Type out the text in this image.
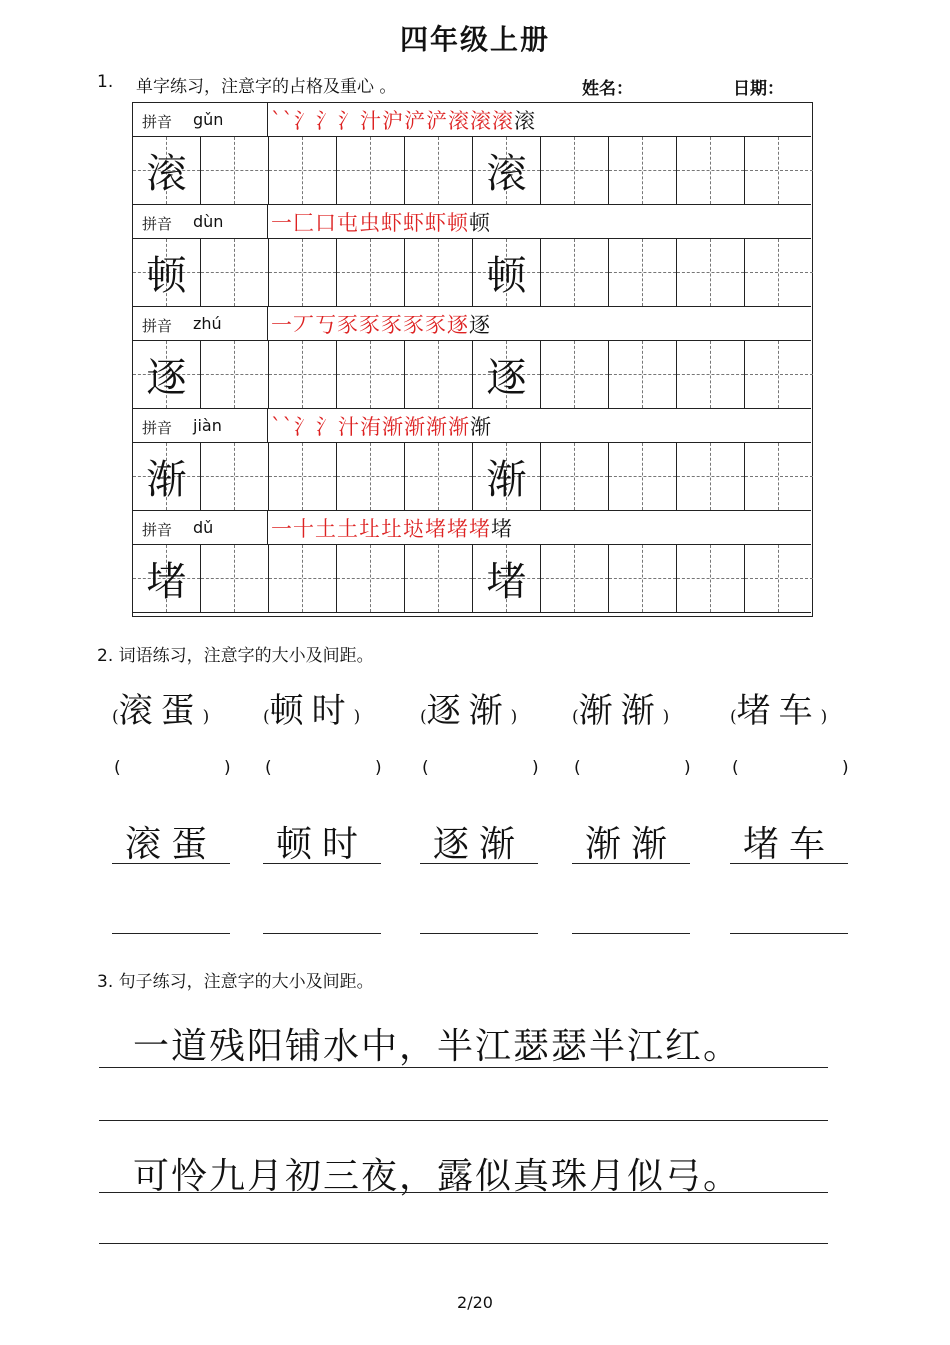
四年级上册
1. 单字练习，注意字的占格及重心 。	姓名：	日期：
拼音 gǔn ``氵氵氵汁沪浐浐滚滚滚滚
滚	滚
拼音 dùn 一匚口屯虫虾虾虾顿顿
顿	顿
拼音 zhú 一丆丂豕豕豕豕豕逐逐
逐	逐
拼音 jiàn ``氵氵汁洧渐渐渐渐渐
渐	渐
拼音 dǔ	一十土土圵圵垯堵堵堵堵
堵	堵
2. 词语练习，注意字的大小及间距。
(滚蛋)
(	)
滚蛋
(顿时)
(	)
顿时
(逐渐)
(	)
逐渐
(渐渐)
(	)
渐渐
(堵车)
(	)
堵车
3. 句子练习，注意字的大小及间距。
一道残阳铺水中，半江瑟瑟半江红。
可怜九月初三夜，露似真珠月似弓。
2/20
